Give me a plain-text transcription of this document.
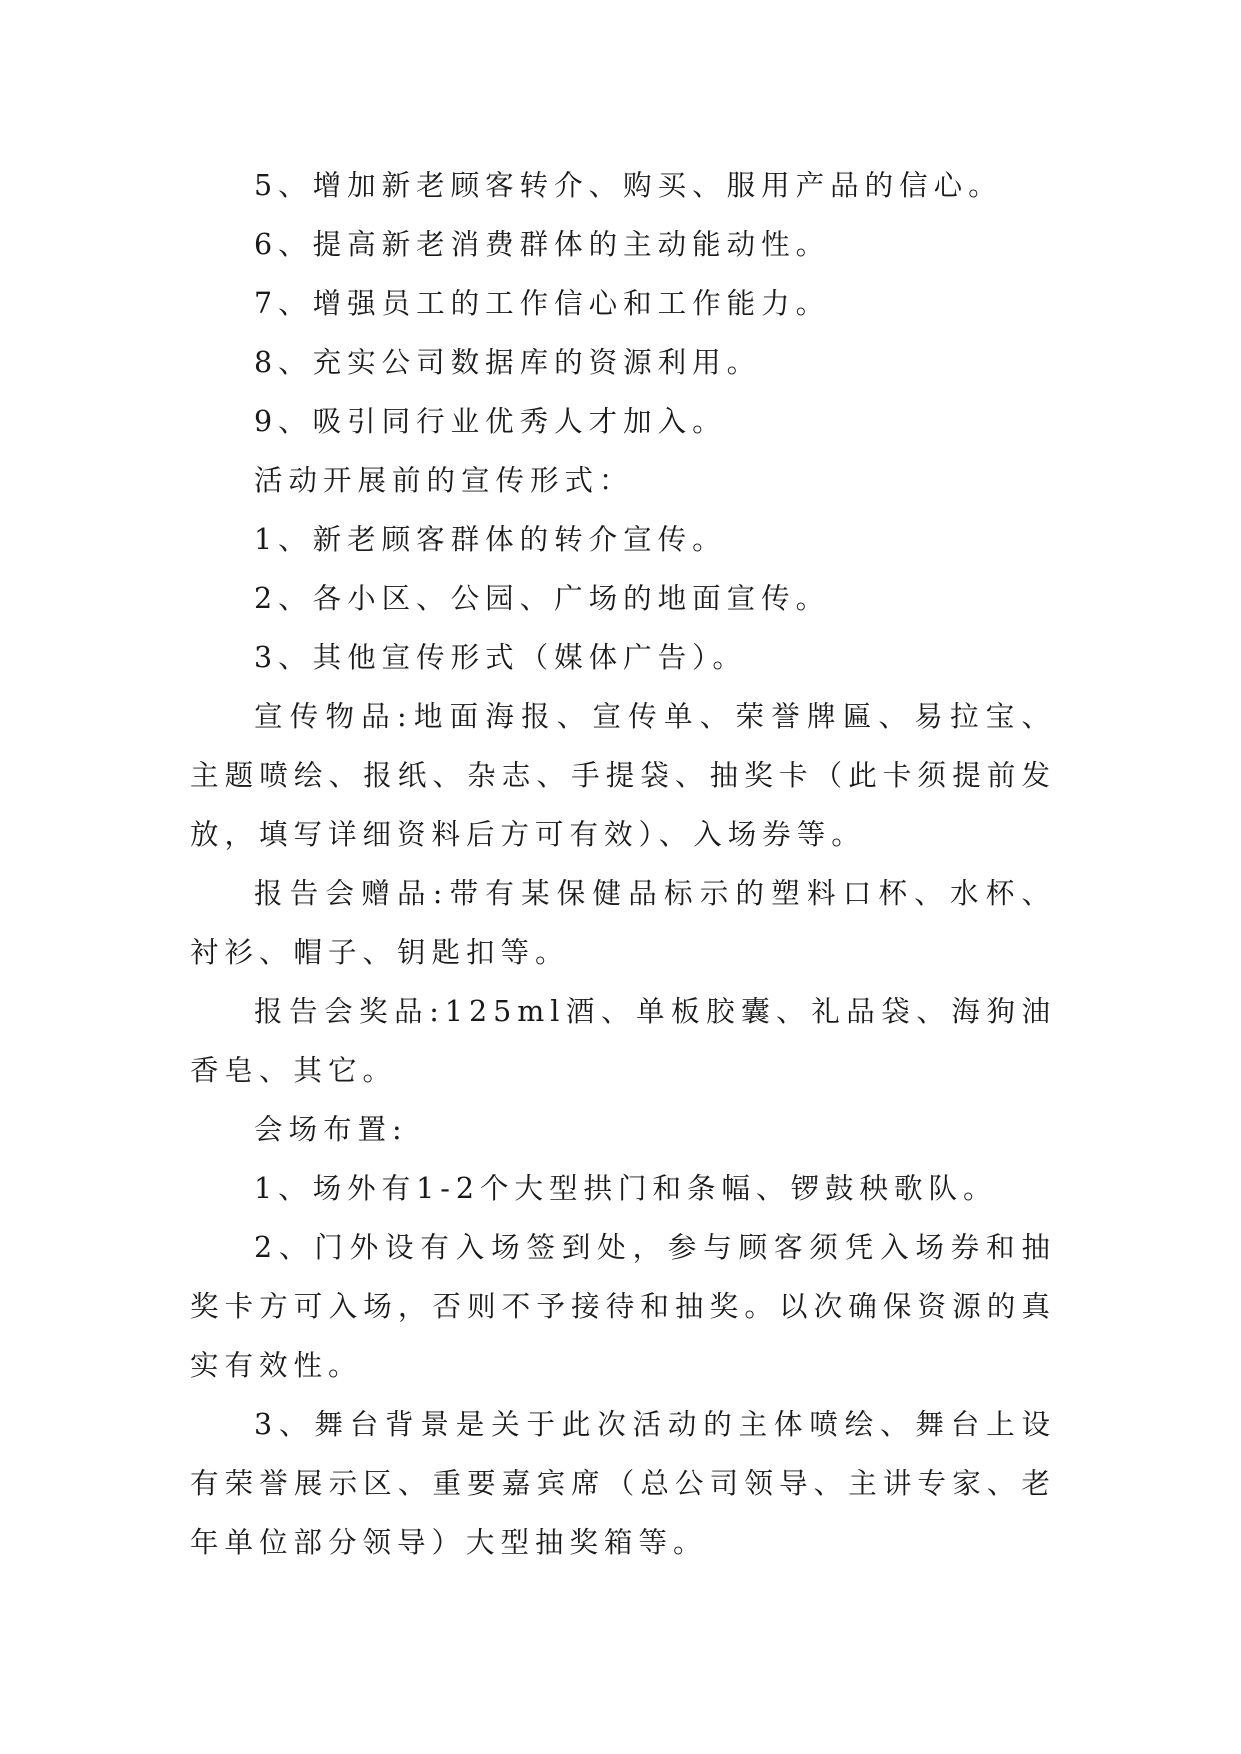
5、增加新老顾客转介、购买、服用产品的信心。

6、提高新老消费群体的主动能动性。

7、增强员工的工作信心和工作能力。

8、充实公司数据库的资源利用。

9、吸引同行业优秀人才加入。

活动开展前的宣传形式：

1、新老顾客群体的转介宣传。

2、各小区、公园、广场的地面宣传。

3、其他宣传形式（媒体广告）。

宣传物品:地面海报、宣传单、荣誉牌匾、易拉宝、主题喷绘、报纸、杂志、手提袋、抽奖卡（此卡须提前发放，填写详细资料后方可有效）、入场券等。

报告会赠品:带有某保健品标示的塑料口杯、水杯、衬衫、帽子、钥匙扣等。

报告会奖品:125ml酒、单板胶囊、礼品袋、海狗油香皂、其它。

会场布置:

1、场外有1-2个大型拱门和条幅、锣鼓秧歌队。

2、门外设有入场签到处，参与顾客须凭入场券和抽奖卡方可入场，否则不予接待和抽奖。以次确保资源的真实有效性。

3、舞台背景是关于此次活动的主体喷绘、舞台上设有荣誉展示区、重要嘉宾席（总公司领导、主讲专家、老年单位部分领导）大型抽奖箱等。
